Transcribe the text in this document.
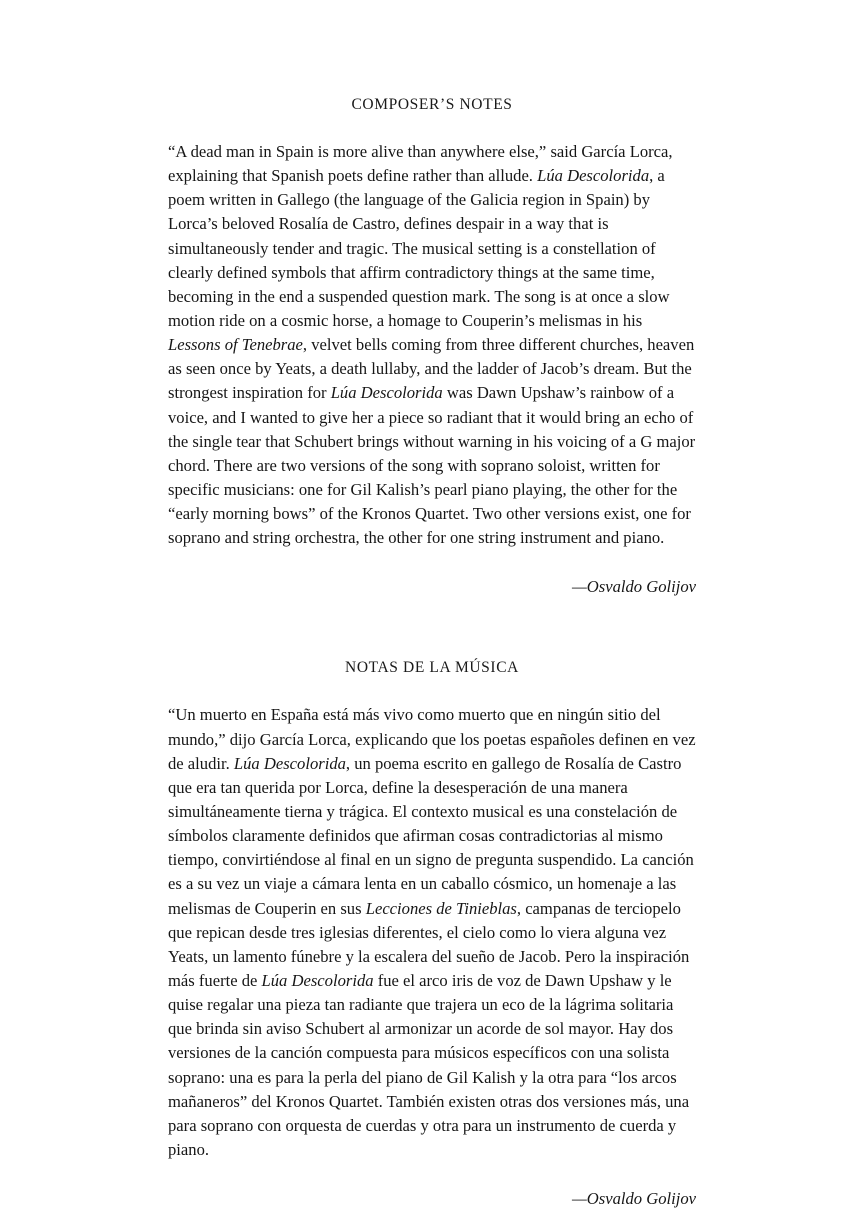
COMPOSER’S NOTES

“A dead man in Spain is more alive than anywhere else,” said García Lorca, explaining that Spanish poets define rather than allude. Lúa Descolorida, a poem written in Gallego (the language of the Galicia region in Spain) by Lorca’s beloved Rosalía de Castro, defines despair in a way that is simultaneously tender and tragic. The musical setting is a constellation of clearly defined symbols that affirm contradictory things at the same time, becoming in the end a suspended question mark. The song is at once a slow motion ride on a cosmic horse, a homage to Couperin’s melismas in his Lessons of Tenebrae, velvet bells coming from three different churches, heaven as seen once by Yeats, a death lullaby, and the ladder of Jacob’s dream. But the strongest inspiration for Lúa Descolorida was Dawn Upshaw’s rainbow of a voice, and I wanted to give her a piece so radiant that it would bring an echo of the single tear that Schubert brings without warning in his voicing of a G major chord. There are two versions of the song with soprano soloist, written for specific musicians: one for Gil Kalish’s pearl piano playing, the other for the “early morning bows” of the Kronos Quartet. Two other versions exist, one for soprano and string orchestra, the other for one string instrument and piano.

—Osvaldo Golijov

NOTAS DE LA MÚSICA

“Un muerto en España está más vivo como muerto que en ningún sitio del mundo,” dijo García Lorca, explicando que los poetas españoles definen en vez de aludir. Lúa Descolorida, un poema escrito en gallego de Rosalía de Castro que era tan querida por Lorca, define la desesperación de una manera simultáneamente tierna y trágica. El contexto musical es una constelación de símbolos claramente definidos que afirman cosas contradictorias al mismo tiempo, convirtiéndose al final en un signo de pregunta suspendido. La canción es a su vez un viaje a cámara lenta en un caballo cósmico, un homenaje a las melismas de Couperin en sus Lecciones de Tinieblas, campanas de terciopelo que repican desde tres iglesias diferentes, el cielo como lo viera alguna vez Yeats, un lamento fúnebre y la escalera del sueño de Jacob. Pero la inspiración más fuerte de Lúa Descolorida fue el arco iris de voz de Dawn Upshaw y le quise regalar una pieza tan radiante que trajera un eco de la lágrima solitaria que brinda sin aviso Schubert al armonizar un acorde de sol mayor. Hay dos versiones de la canción compuesta para músicos específicos con una solista soprano: una es para la perla del piano de Gil Kalish y la otra para “los arcos mañaneros” del Kronos Quartet. También existen otras dos versiones más, una para soprano con orquesta de cuerdas y otra para un instrumento de cuerda y piano.

—Osvaldo Golijov
